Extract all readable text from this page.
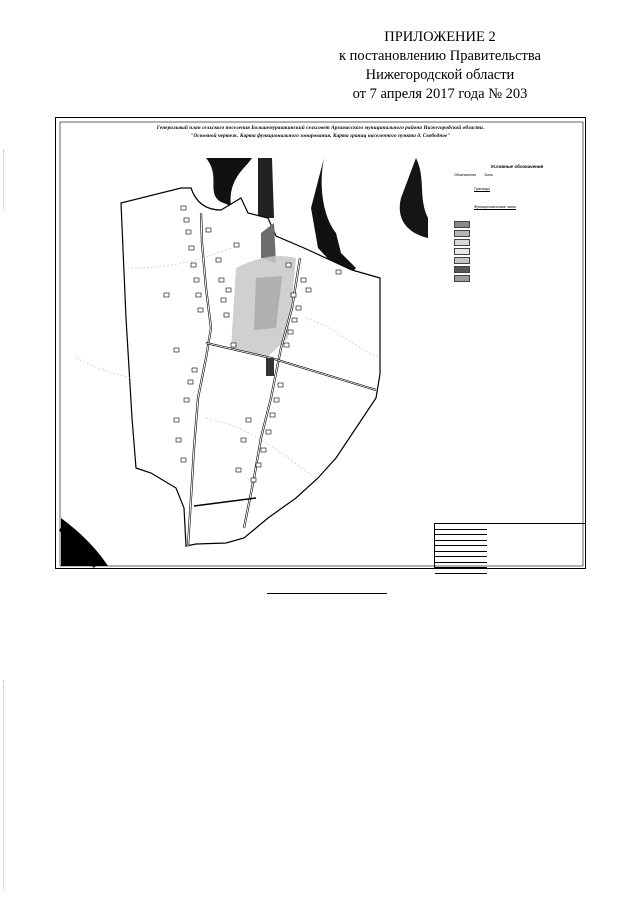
ПРИЛОЖЕНИЕ 2
к постановлению Правительства
Нижегородской области
от 7 апреля 2017 года № 203
Генеральный план сельского поселения Большемурашкинский сельсовет Арзамасского муниципального района Нижегородской области.
"Основной чертеж. Карта функционального зонирования. Карта границ населенного пункта д. Свободное"
Условные обозначения
Обозначение Зоны
Границы
Функциональные зоны
